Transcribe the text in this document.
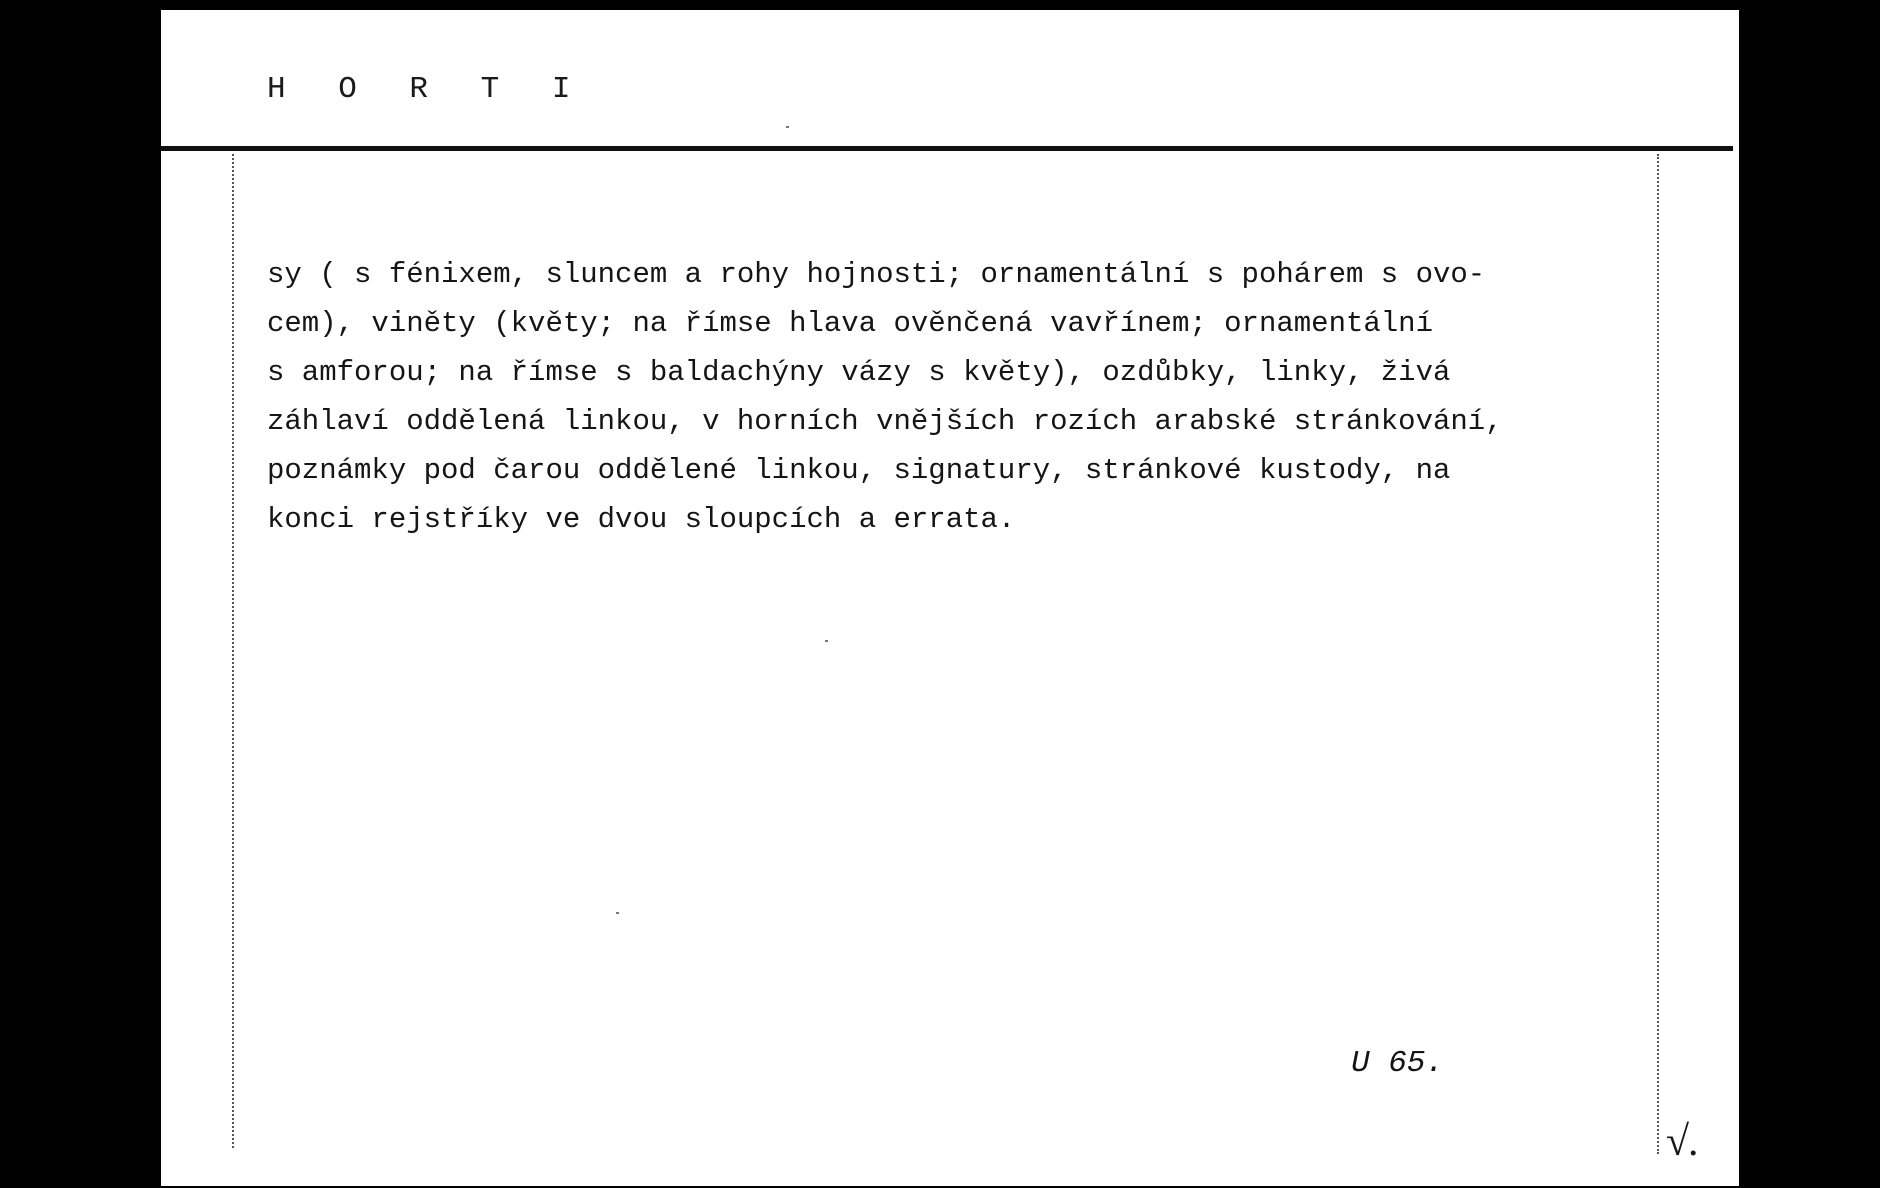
H O R T I
sy ( s fénixem, sluncem a rohy hojnosti; ornamentální s pohárem s ovo-
cem), viněty (květy; na římse hlava ověnčená vavřínem; ornamentální
s amforou; na římse s baldachýny vázy s květy), ozdůbky, linky, živá
záhlaví oddělená linkou, v horních vnějších rozích arabské stránkování,
poznámky pod čarou oddělené linkou, signatury, stránkové kustody, na
konci rejstříky ve dvou sloupcích a errata.
U 65.
√.
